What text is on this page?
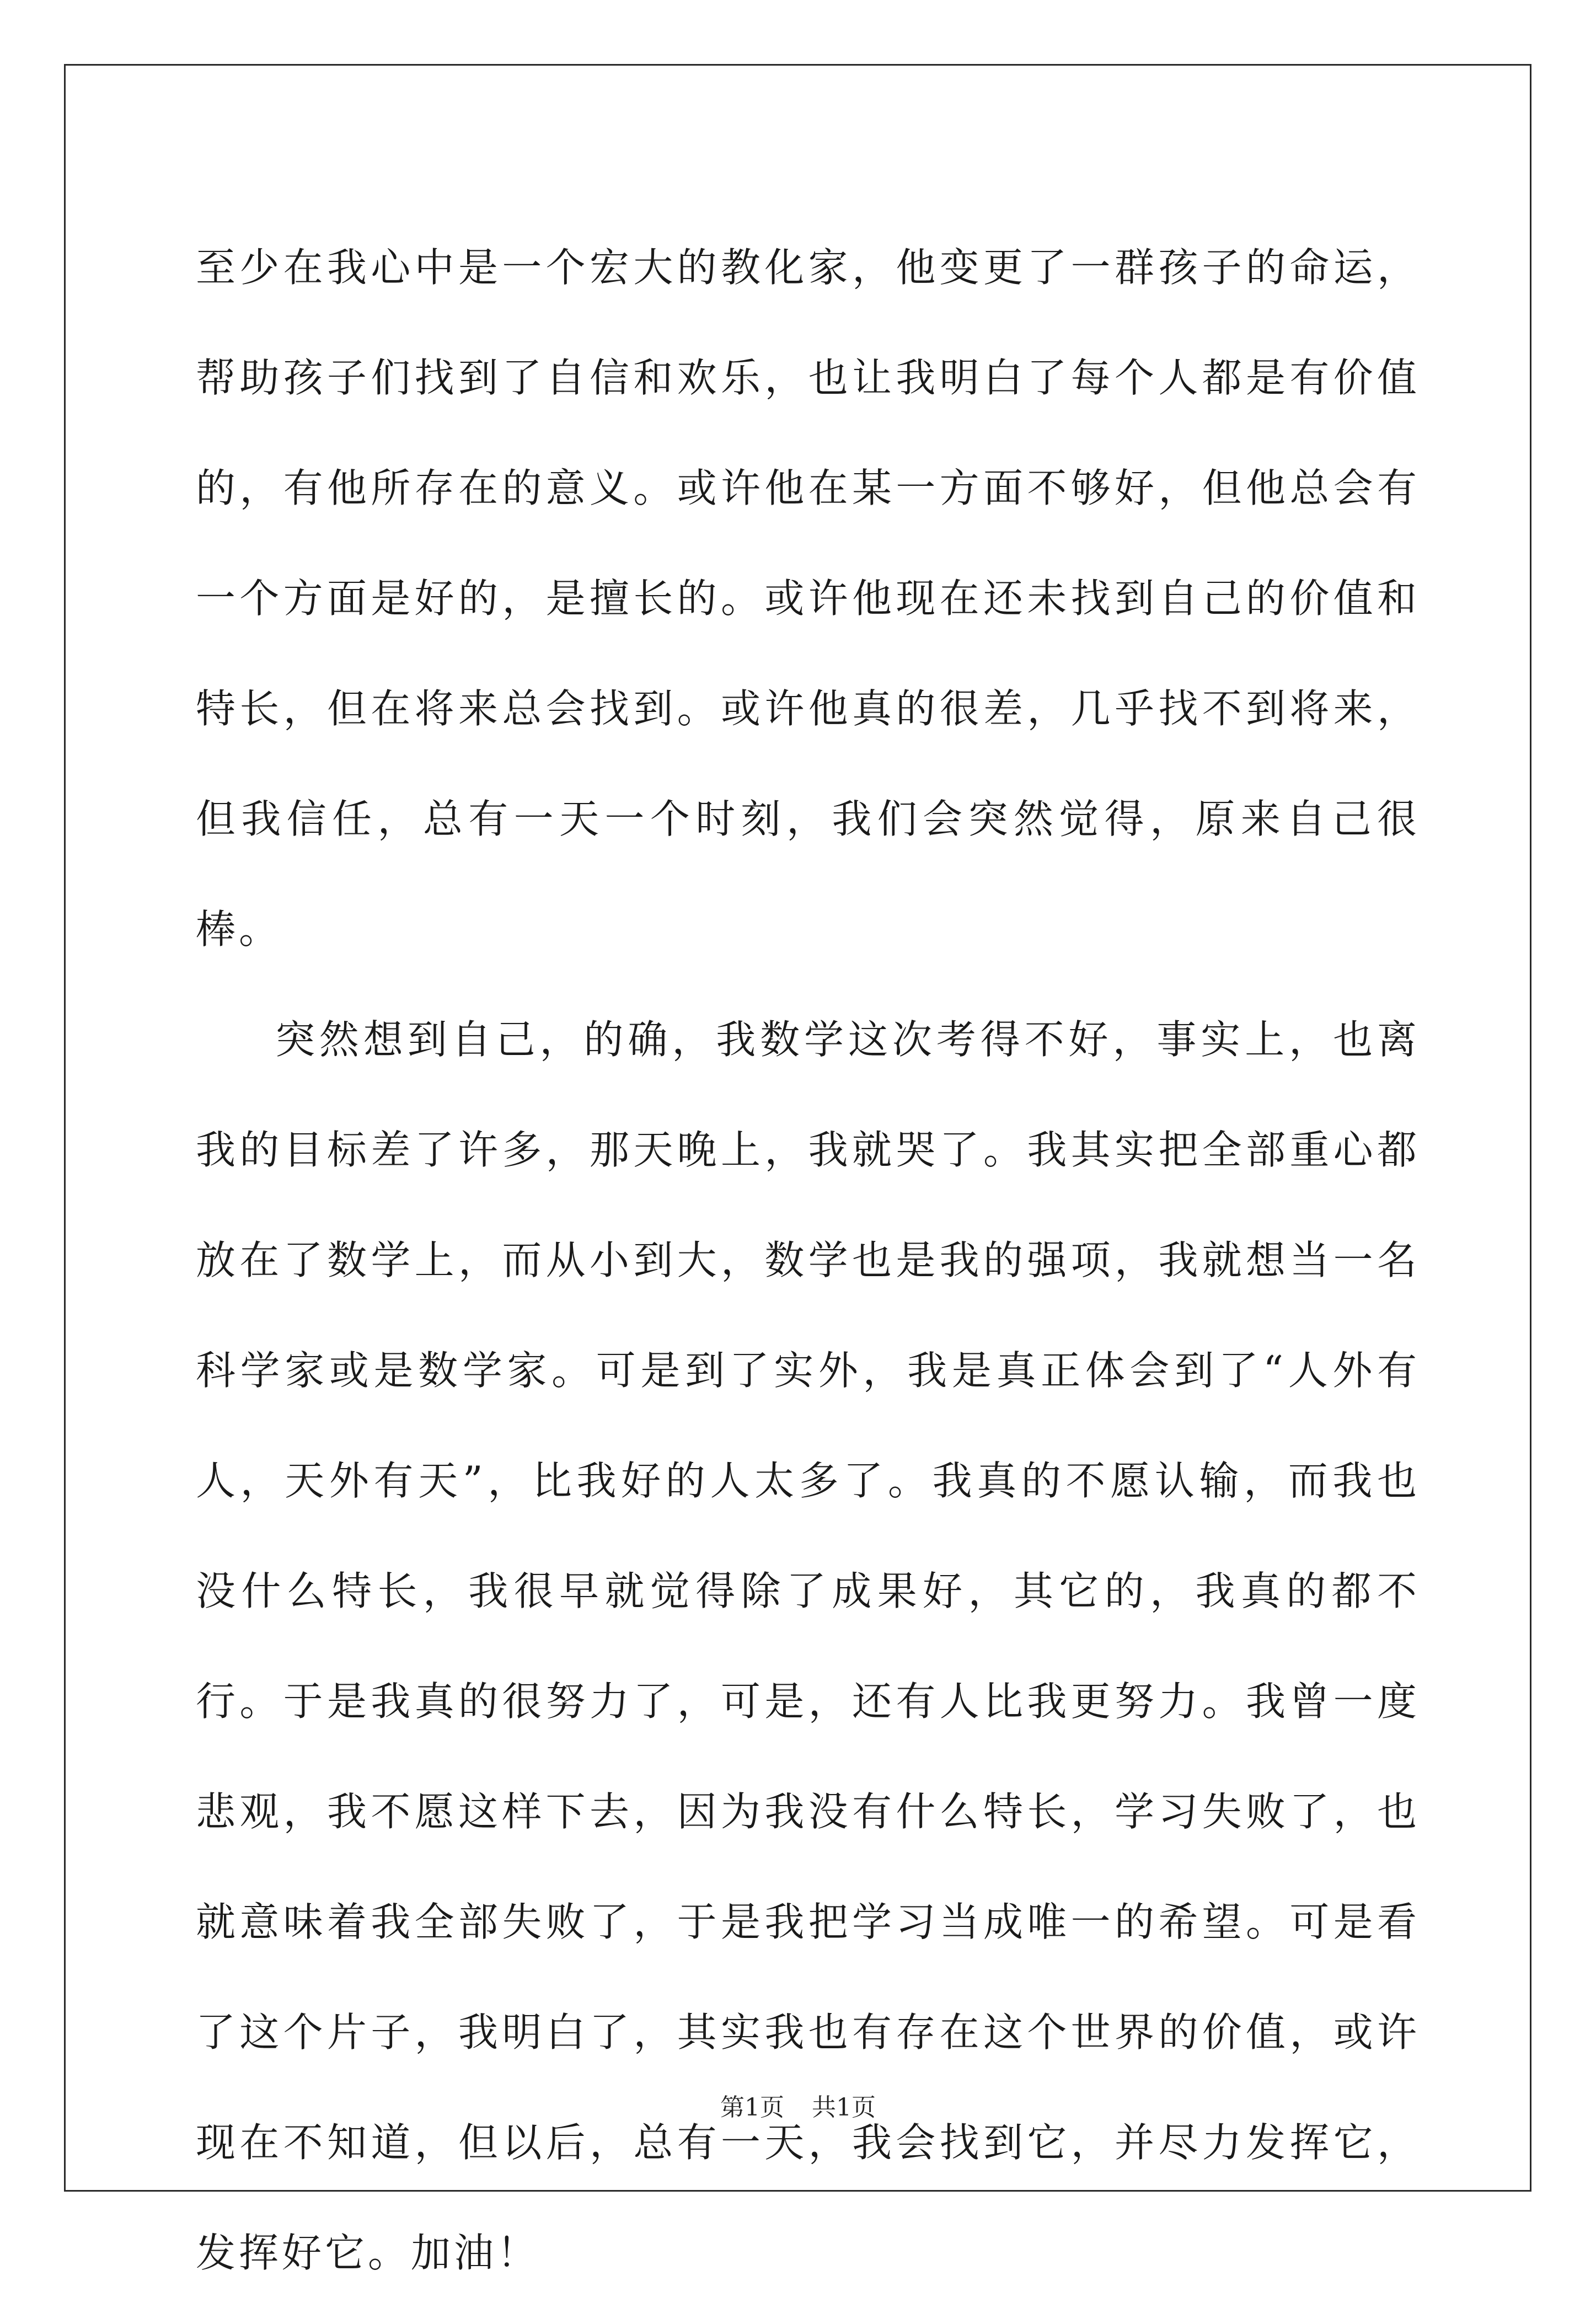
至少在我心中是一个宏大的教化家，他变更了一群孩子的命运，帮助孩子们找到了自信和欢乐，也让我明白了每个人都是有价值的，有他所存在的意义。或许他在某一方面不够好，但他总会有一个方面是好的，是擅长的。或许他现在还未找到自己的价值和特长，但在将来总会找到。或许他真的很差，几乎找不到将来，但我信任，总有一天一个时刻，我们会突然觉得，原来自己很棒。

突然想到自己，的确，我数学这次考得不好，事实上，也离我的目标差了许多，那天晚上，我就哭了。我其实把全部重心都放在了数学上，而从小到大，数学也是我的强项，我就想当一名科学家或是数学家。可是到了实外，我是真正体会到了“人外有人，天外有天”，比我好的人太多了。我真的不愿认输，而我也没什么特长，我很早就觉得除了成果好，其它的，我真的都不行。于是我真的很努力了，可是，还有人比我更努力。我曾一度悲观，我不愿这样下去，因为我没有什么特长，学习失败了，也就意味着我全部失败了，于是我把学习当成唯一的希望。可是看了这个片子，我明白了，其实我也有存在这个世界的价值，或许现在不知道，但以后，总有一天，我会找到它，并尽力发挥它，发挥好它。加油！

第1页 共1页
